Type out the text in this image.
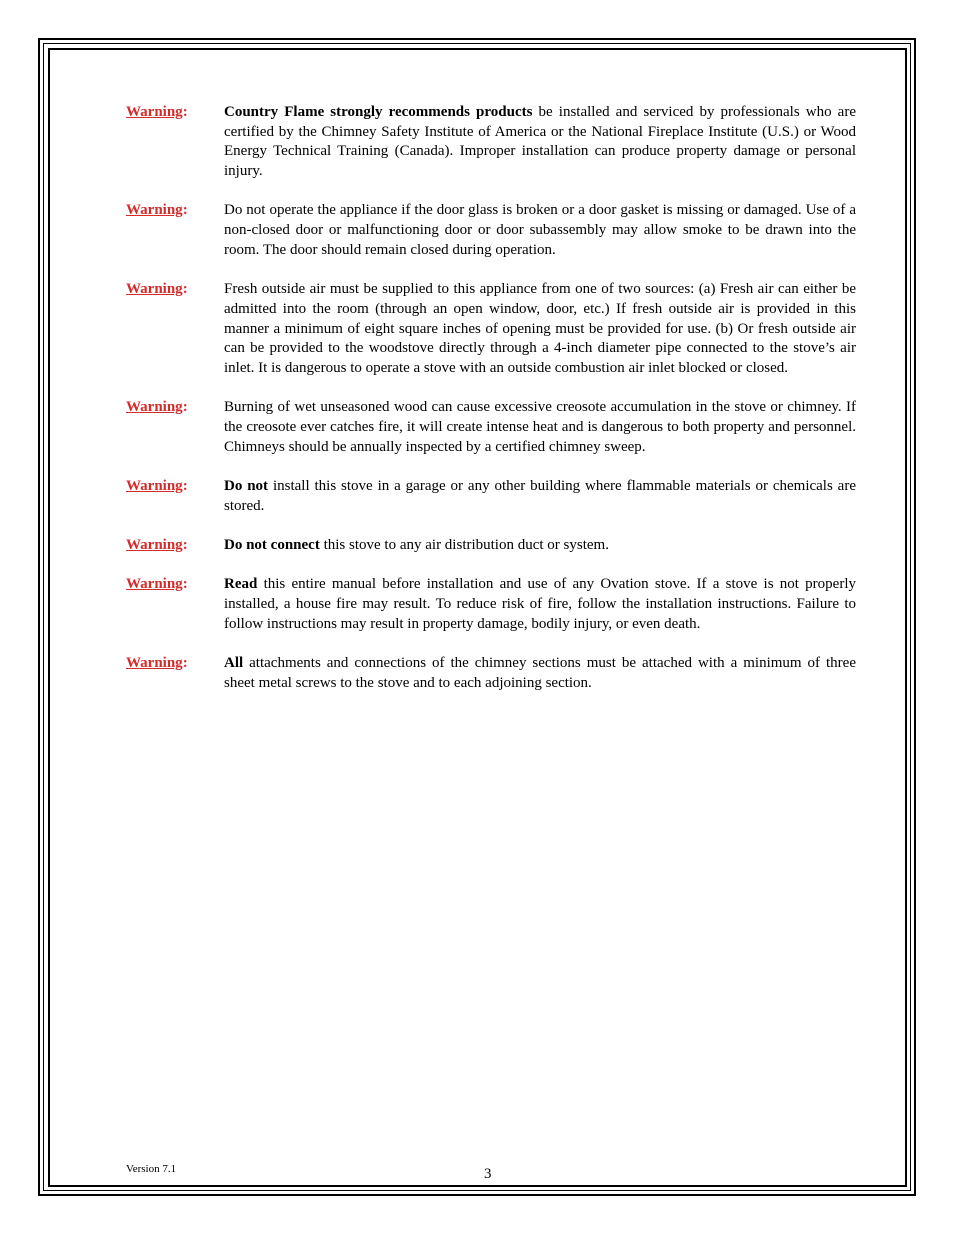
Warning:	Country Flame strongly recommends products be installed and serviced by professionals who are certified by the Chimney Safety Institute of America or the National Fireplace Institute (U.S.) or Wood Energy Technical Training (Canada). Improper installation can produce property damage or personal injury.
Warning:	Do not operate the appliance if the door glass is broken or a door gasket is missing or damaged. Use of a non-closed door or malfunctioning door or door subassembly may allow smoke to be drawn into the room. The door should remain closed during operation.
Warning:	Fresh outside air must be supplied to this appliance from one of two sources: (a) Fresh air can either be admitted into the room (through an open window, door, etc.) If fresh outside air is provided in this manner a minimum of eight square inches of opening must be provided for use. (b) Or fresh outside air can be provided to the woodstove directly through a 4-inch diameter pipe connected to the stove’s air inlet. It is dangerous to operate a stove with an outside combustion air inlet blocked or closed.
Warning:	Burning of wet unseasoned wood can cause excessive creosote accumulation in the stove or chimney. If the creosote ever catches fire, it will create intense heat and is dangerous to both property and personnel. Chimneys should be annually inspected by a certified chimney sweep.
Warning:	Do not install this stove in a garage or any other building where flammable materials or chemicals are stored.
Warning:	Do not connect this stove to any air distribution duct or system.
Warning:	Read this entire manual before installation and use of any Ovation stove. If a stove is not properly installed, a house fire may result. To reduce risk of fire, follow the installation instructions. Failure to follow instructions may result in property damage, bodily injury, or even death.
Warning:	All attachments and connections of the chimney sections must be attached with a minimum of three sheet metal screws to the stove and to each adjoining section.
Version 7.1	3
